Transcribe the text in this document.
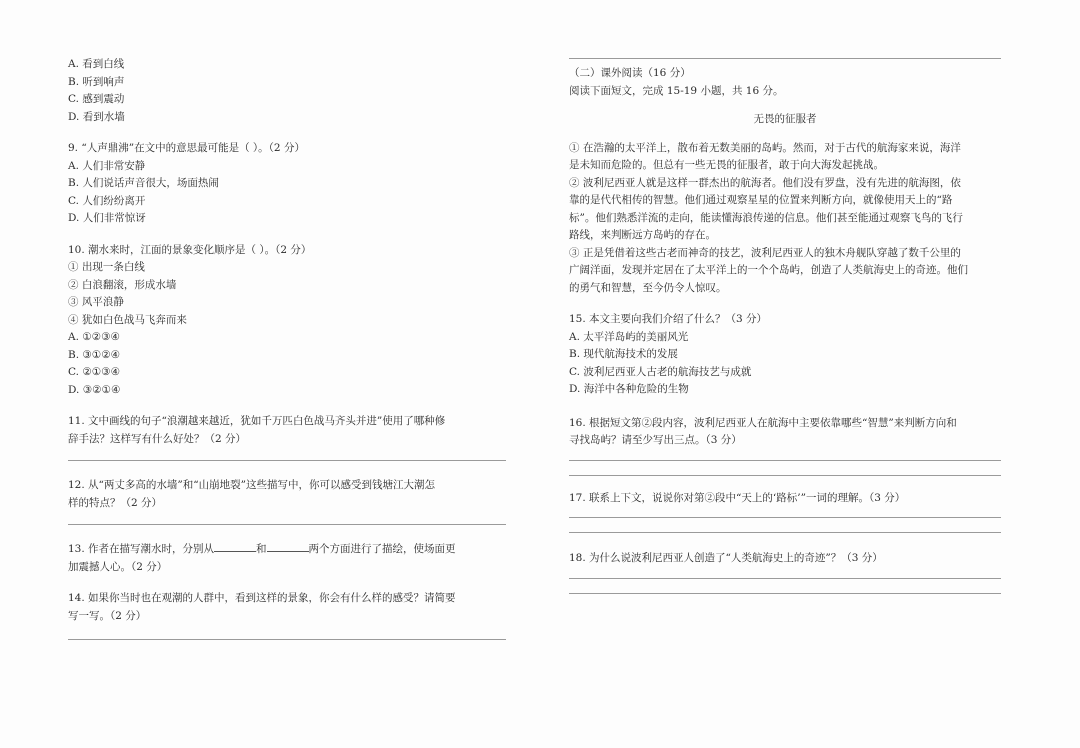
A. 看到白线
B. 听到响声
C. 感到震动
D. 看到水墙
9. “人声鼎沸”在文中的意思最可能是（ ）。（2 分）
A. 人们非常安静
B. 人们说话声音很大，场面热闹
C. 人们纷纷离开
D. 人们非常惊讶
10. 潮水来时，江面的景象变化顺序是（ ）。（2 分）
① 出现一条白线
② 白浪翻滚，形成水墙
③ 风平浪静
④ 犹如白色战马飞奔而来
A. ①②③④
B. ③①②④
C. ②①③④
D. ③②①④
11. 文中画线的句子“浪潮越来越近，犹如千万匹白色战马齐头并进”使用了哪种修
辞手法？这样写有什么好处？（2 分）
12. 从“两丈多高的水墙”和“山崩地裂”这些描写中，你可以感受到钱塘江大潮怎
样的特点？（2 分）
13. 作者在描写潮水时，分别从	和	两个方面进行了描绘，使场面更
加震撼人心。（2 分）
14. 如果你当时也在观潮的人群中，看到这样的景象，你会有什么样的感受？请简要
写一写。（2 分）
（二）课外阅读（16 分）
阅读下面短文，完成 15-19 小题，共 16 分。
无畏的征服者
① 在浩瀚的太平洋上，散布着无数美丽的岛屿。然而，对于古代的航海家来说，海洋
是未知而危险的。但总有一些无畏的征服者，敢于向大海发起挑战。
② 波利尼西亚人就是这样一群杰出的航海者。他们没有罗盘，没有先进的航海图，依
靠的是代代相传的智慧。他们通过观察星星的位置来判断方向，就像使用天上的“路
标”。他们熟悉洋流的走向，能读懂海浪传递的信息。他们甚至能通过观察飞鸟的飞行
路线，来判断远方岛屿的存在。
③ 正是凭借着这些古老而神奇的技艺，波利尼西亚人的独木舟舰队穿越了数千公里的
广阔洋面，发现并定居在了太平洋上的一个个岛屿，创造了人类航海史上的奇迹。他们
的勇气和智慧，至今仍令人惊叹。
15. 本文主要向我们介绍了什么？（3 分）
A. 太平洋岛屿的美丽风光
B. 现代航海技术的发展
C. 波利尼西亚人古老的航海技艺与成就
D. 海洋中各种危险的生物
16. 根据短文第②段内容，波利尼西亚人在航海中主要依靠哪些“智慧”来判断方向和
寻找岛屿？请至少写出三点。（3 分）
17. 联系上下文，说说你对第②段中“天上的‘路标’”一词的理解。（3 分）
18. 为什么说波利尼西亚人创造了“人类航海史上的奇迹”？（3 分）
